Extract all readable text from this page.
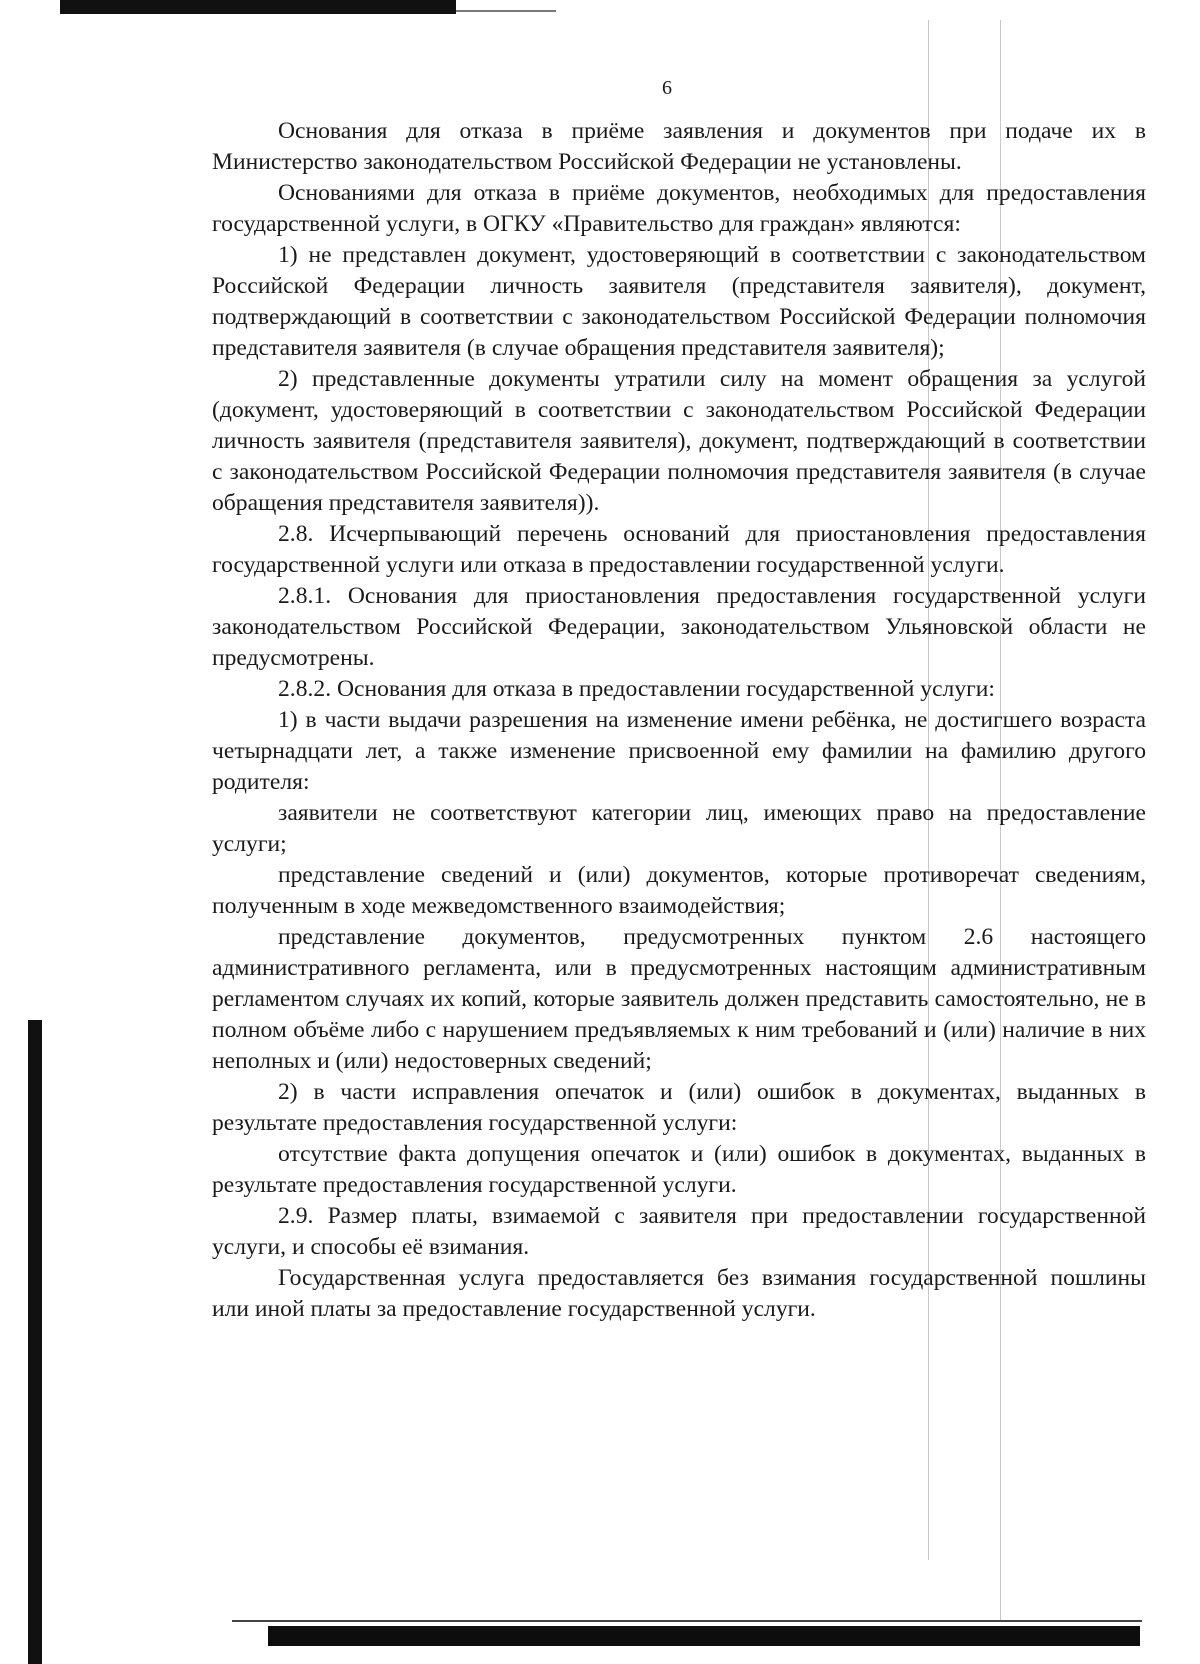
6

Основания для отказа в приёме заявления и документов при подаче их в Министерство законодательством Российской Федерации не установлены.

Основаниями для отказа в приёме документов, необходимых для предоставления государственной услуги, в ОГКУ «Правительство для граждан» являются:

1) не представлен документ, удостоверяющий в соответствии с законодательством Российской Федерации личность заявителя (представителя заявителя), документ, подтверждающий в соответствии с законодательством Российской Федерации полномочия представителя заявителя (в случае обращения представителя заявителя);

2) представленные документы утратили силу на момент обращения за услугой (документ, удостоверяющий в соответствии с законодательством Российской Федерации личность заявителя (представителя заявителя), документ, подтверждающий в соответствии с законодательством Российской Федерации полномочия представителя заявителя (в случае обращения представителя заявителя)).

2.8. Исчерпывающий перечень оснований для приостановления предоставления государственной услуги или отказа в предоставлении государственной услуги.

2.8.1. Основания для приостановления предоставления государственной услуги законодательством Российской Федерации, законодательством Ульяновской области не предусмотрены.

2.8.2. Основания для отказа в предоставлении государственной услуги:

1) в части выдачи разрешения на изменение имени ребёнка, не достигшего возраста четырнадцати лет, а также изменение присвоенной ему фамилии на фамилию другого родителя:

заявители не соответствуют категории лиц, имеющих право на предоставление услуги;

представление сведений и (или) документов, которые противоречат сведениям, полученным в ходе межведомственного взаимодействия;

представление документов, предусмотренных пунктом 2.6 настоящего административного регламента, или в предусмотренных настоящим административным регламентом случаях их копий, которые заявитель должен представить самостоятельно, не в полном объёме либо с нарушением предъявляемых к ним требований и (или) наличие в них неполных и (или) недостоверных сведений;

2) в части исправления опечаток и (или) ошибок в документах, выданных в результате предоставления государственной услуги:

отсутствие факта допущения опечаток и (или) ошибок в документах, выданных в результате предоставления государственной услуги.

2.9. Размер платы, взимаемой с заявителя при предоставлении государственной услуги, и способы её взимания.

Государственная услуга предоставляется без взимания государственной пошлины или иной платы за предоставление государственной услуги.
